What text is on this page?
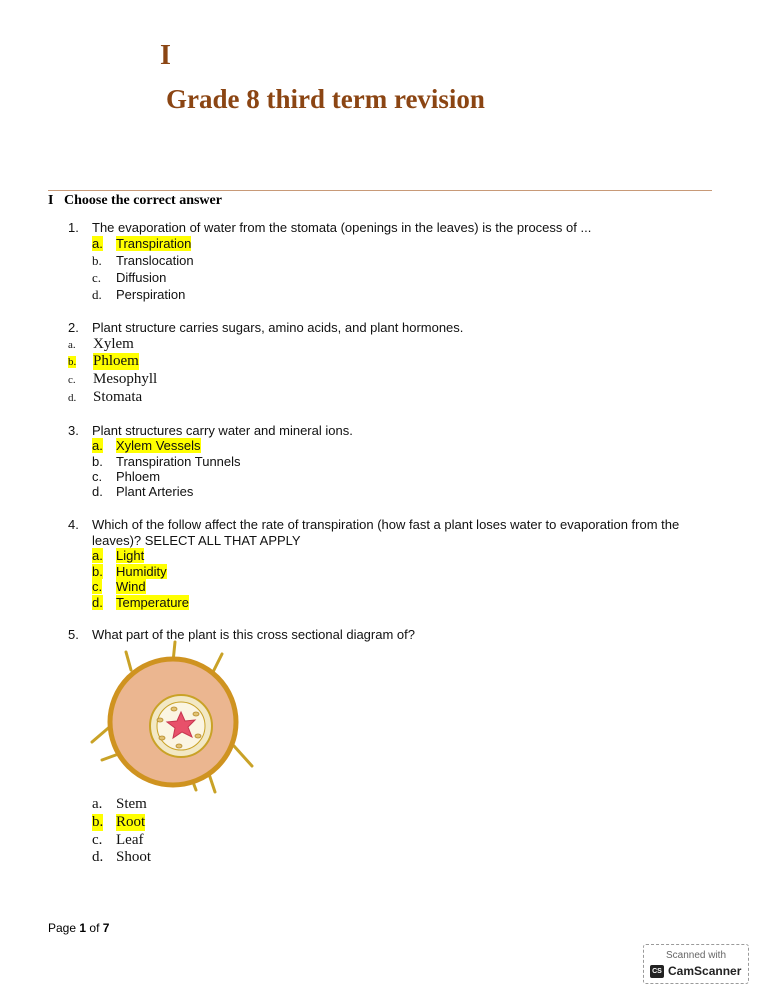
I
Grade 8 third term revision
I Choose the correct answer
1. The evaporation of water from the stomata (openings in the leaves) is the process of ...
a. Transpiration
b. Translocation
c. Diffusion
d. Perspiration
2. Plant structure carries sugars, amino acids, and plant hormones.
a. Xylem
b. Phloem
c. Mesophyll
d. Stomata
3. Plant structures carry water and mineral ions.
a. Xylem Vessels
b. Transpiration Tunnels
c. Phloem
d. Plant Arteries
4. Which of the follow affect the rate of transpiration (how fast a plant loses water to evaporation from the leaves)? SELECT ALL THAT APPLY
a. Light
b. Humidity
c. Wind
d. Temperature
5. What part of the plant is this cross sectional diagram of?
a. Stem
b. Root
c. Leaf
d. Shoot
Page 1 of 7
Scanned with
CS CamScanner
